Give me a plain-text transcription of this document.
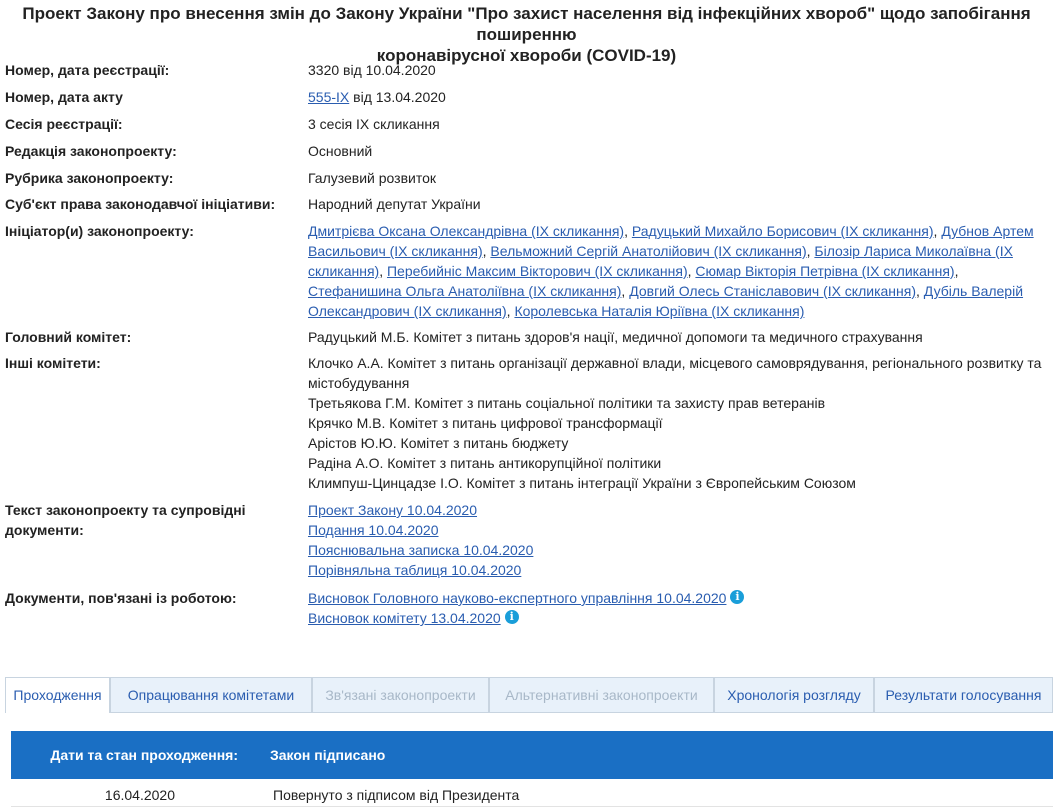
Проект Закону про внесення змін до Закону України "Про захист населення від інфекційних хвороб" щодо запобігання поширенню
коронавірусної хвороби (COVID-19)
Номер, дата реєстрації:	3320 від 10.04.2020
Номер, дата акту	555-IX від 13.04.2020
Сесія реєстрації:	3 сесія IX скликання
Редакція законопроекту:	Основний
Рубрика законопроекту:	Галузевий розвиток
Суб'єкт права законодавчої ініціативи:	Народний депутат України
Ініціатор(и) законопроекту:	Дмитрієва Оксана Олександрівна (IX скликання), Радуцький Михайло Борисович (IX скликання), Дубнов Артем Васильович (IX скликання), Вельможний Сергій Анатолійович (IX скликання), Білозір Лариса Миколаївна (IX скликання), Перебийніс Максим Вікторович (IX скликання), Сюмар Вікторія Петрівна (IX скликання), Стефанишина Ольга Анатоліївна (IX скликання), Довгий Олесь Станіславович (IX скликання), Дубіль Валерій Олександрович (IX скликання), Королевська Наталія Юріївна (IX скликання)
Головний комітет:	Радуцький М.Б. Комітет з питань здоров'я нації, медичної допомоги та медичного страхування
Інші комітети:	Клочко А.А. Комітет з питань організації державної влади, місцевого самоврядування, регіонального розвитку та містобудування
Третьякова Г.М. Комітет з питань соціальної політики та захисту прав ветеранів
Крячко М.В. Комітет з питань цифрової трансформації
Арістов Ю.Ю. Комітет з питань бюджету
Радіна А.О. Комітет з питань антикорупційної політики
Климпуш-Цинцадзе І.О. Комітет з питань інтеграції України з Європейським Союзом
Текст законопроекту та супровідні
документи:
Проект Закону 10.04.2020
Подання 10.04.2020
Пояснювальна записка 10.04.2020
Порівняльна таблиця 10.04.2020
Документи, пов'язані із роботою:	Висновок Головного науково-експертного управління 10.04.2020 i
Висновок комітету 13.04.2020 i
Проходження	Опрацювання комітетами	Зв'язані законопроекти	Альтернативні законопроекти	Хронологія розгляду	Результати голосування
Дати та стан проходження: Закон підписано
16.04.2020	Повернуто з підписом від Президента
